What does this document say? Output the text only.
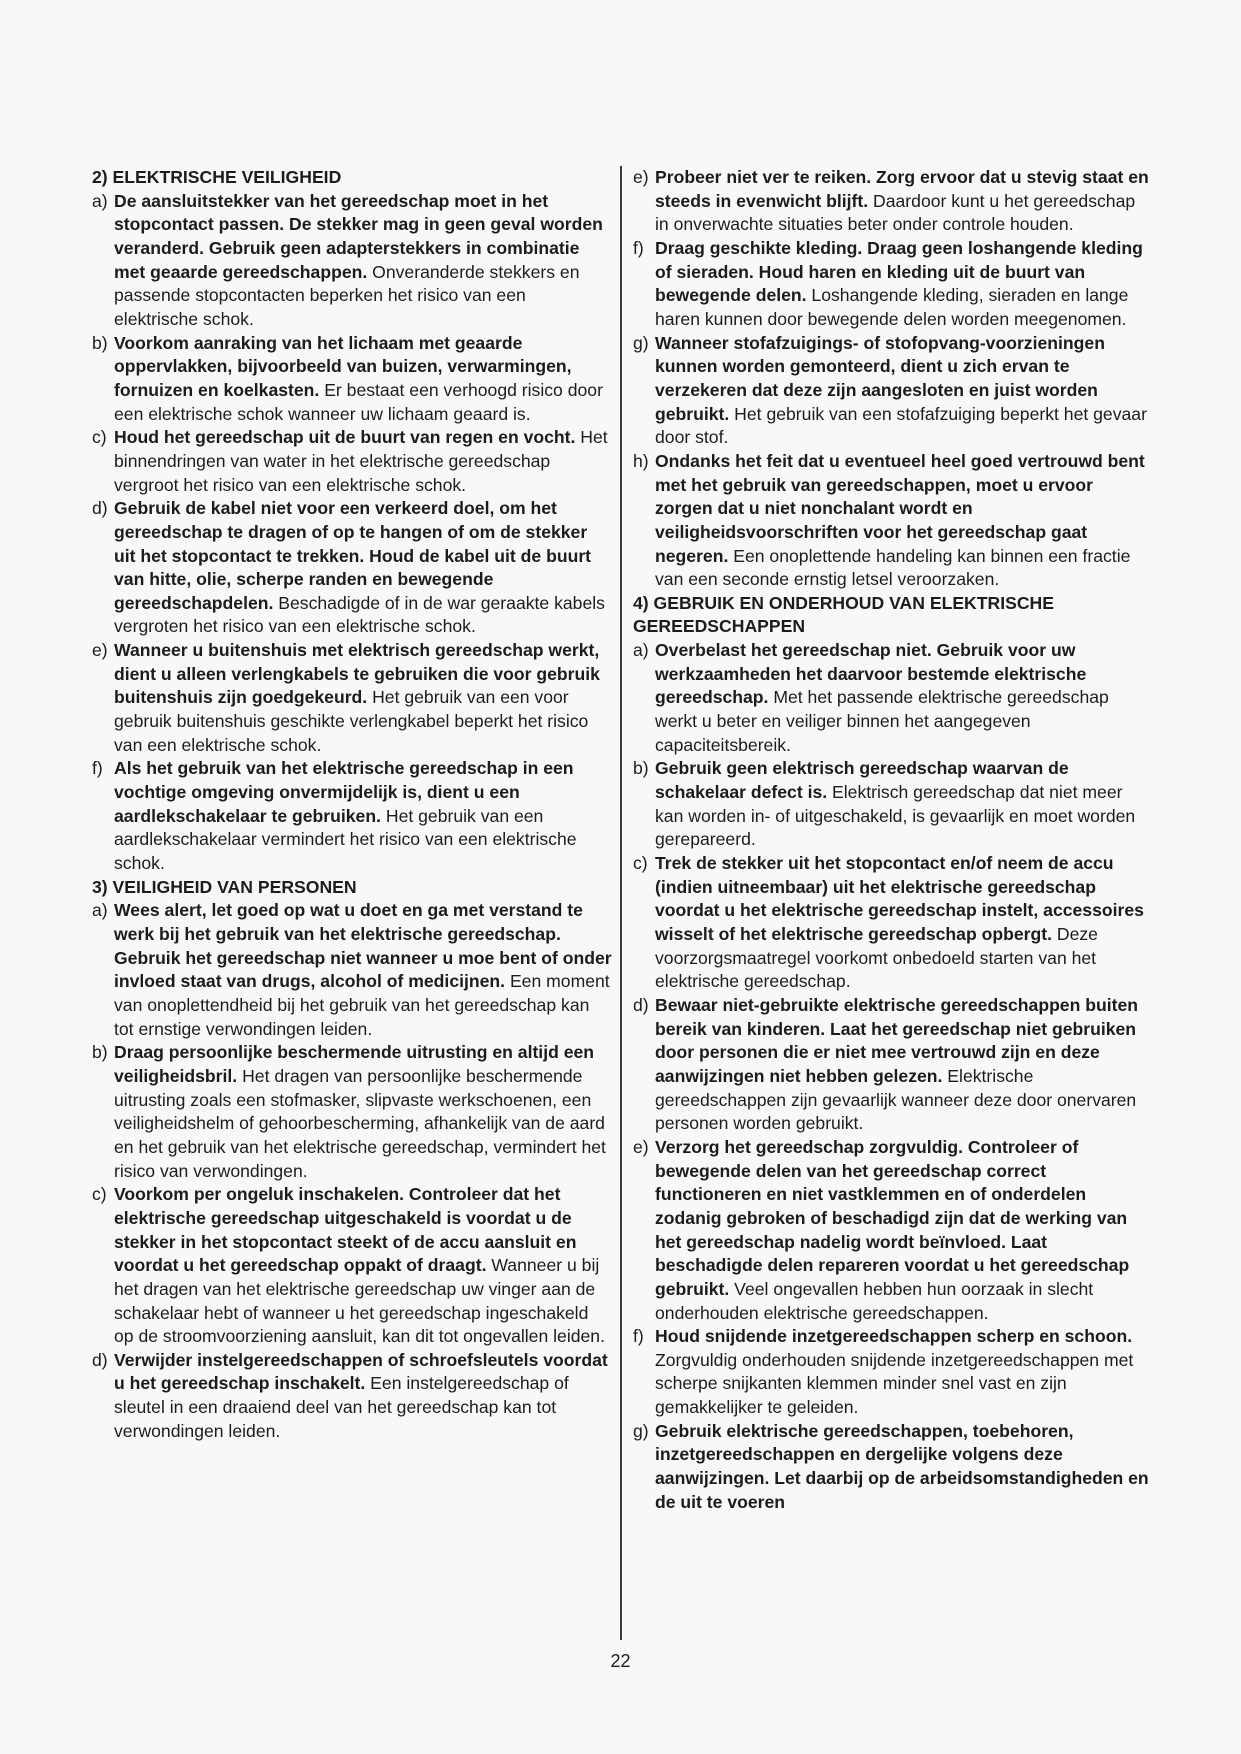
2) ELEKTRISCHE VEILIGHEID

a) De aansluitstekker van het gereedschap moet in het stopcontact passen. De stekker mag in geen geval worden veranderd. Gebruik geen adapterstekkers in combinatie met geaarde gereedschappen. Onveranderde stekkers en passende stopcontacten beperken het risico van een elektrische schok.

b) Voorkom aanraking van het lichaam met geaarde oppervlakken, bijvoorbeeld van buizen, verwarmingen, fornuizen en koelkasten. Er bestaat een verhoogd risico door een elektrische schok wanneer uw lichaam geaard is.

c) Houd het gereedschap uit de buurt van regen en vocht. Het binnendringen van water in het elektrische gereedschap vergroot het risico van een elektrische schok.

d) Gebruik de kabel niet voor een verkeerd doel, om het gereedschap te dragen of op te hangen of om de stekker uit het stopcontact te trekken. Houd de kabel uit de buurt van hitte, olie, scherpe randen en bewegende gereedschapdelen. Beschadigde of in de war geraakte kabels vergroten het risico van een elektrische schok.

e) Wanneer u buitenshuis met elektrisch gereedschap werkt, dient u alleen verlengkabels te gebruiken die voor gebruik buitenshuis zijn goedgekeurd. Het gebruik van een voor gebruik buitenshuis geschikte verlengkabel beperkt het risico van een elektrische schok.

f) Als het gebruik van het elektrische gereedschap in een vochtige omgeving onvermijdelijk is, dient u een aardlekschakelaar te gebruiken. Het gebruik van een aardlekschakelaar vermindert het risico van een elektrische schok.

3) VEILIGHEID VAN PERSONEN

a) Wees alert, let goed op wat u doet en ga met verstand te werk bij het gebruik van het elektrische gereedschap. Gebruik het gereedschap niet wanneer u moe bent of onder invloed staat van drugs, alcohol of medicijnen. Een moment van onoplettendheid bij het gebruik van het gereedschap kan tot ernstige verwondingen leiden.

b) Draag persoonlijke beschermende uitrusting en altijd een veiligheidsbril. Het dragen van persoonlijke beschermende uitrusting zoals een stofmasker, slipvaste werkschoenen, een veiligheidshelm of gehoorbescherming, afhankelijk van de aard en het gebruik van het elektrische gereedschap, vermindert het risico van verwondingen.

c) Voorkom per ongeluk inschakelen. Controleer dat het elektrische gereedschap uitgeschakeld is voordat u de stekker in het stopcontact steekt of de accu aansluit en voordat u het gereedschap oppakt of draagt. Wanneer u bij het dragen van het elektrische gereedschap uw vinger aan de schakelaar hebt of wanneer u het gereedschap ingeschakeld op de stroomvoorziening aansluit, kan dit tot ongevallen leiden.

d) Verwijder instelgereedschappen of schroefsleutels voordat u het gereedschap inschakelt. Een instelgereedschap of sleutel in een draaiend deel van het gereedschap kan tot verwondingen leiden.

e) Probeer niet ver te reiken. Zorg ervoor dat u stevig staat en steeds in evenwicht blijft. Daardoor kunt u het gereedschap in onverwachte situaties beter onder controle houden.

f) Draag geschikte kleding. Draag geen loshangende kleding of sieraden. Houd haren en kleding uit de buurt van bewegende delen. Loshangende kleding, sieraden en lange haren kunnen door bewegende delen worden meegenomen.

g) Wanneer stofafzuigings- of stofopvang-voorzieningen kunnen worden gemonteerd, dient u zich ervan te verzekeren dat deze zijn aangesloten en juist worden gebruikt. Het gebruik van een stofafzuiging beperkt het gevaar door stof.

h) Ondanks het feit dat u eventueel heel goed vertrouwd bent met het gebruik van gereedschappen, moet u ervoor zorgen dat u niet nonchalant wordt en veiligheidsvoorschriften voor het gereedschap gaat negeren. Een onoplettende handeling kan binnen een fractie van een seconde ernstig letsel veroorzaken.

4) GEBRUIK EN ONDERHOUD VAN ELEKTRISCHE GEREEDSCHAPPEN

a) Overbelast het gereedschap niet. Gebruik voor uw werkzaamheden het daarvoor bestemde elektrische gereedschap. Met het passende elektrische gereedschap werkt u beter en veiliger binnen het aangegeven capaciteitsbereik.

b) Gebruik geen elektrisch gereedschap waarvan de schakelaar defect is. Elektrisch gereedschap dat niet meer kan worden in- of uitgeschakeld, is gevaarlijk en moet worden gerepareerd.

c) Trek de stekker uit het stopcontact en/of neem de accu (indien uitneembaar) uit het elektrische gereedschap voordat u het elektrische gereedschap instelt, accessoires wisselt of het elektrische gereedschap opbergt. Deze voorzorgsmaatregel voorkomt onbedoeld starten van het elektrische gereedschap.

d) Bewaar niet-gebruikte elektrische gereedschappen buiten bereik van kinderen. Laat het gereedschap niet gebruiken door personen die er niet mee vertrouwd zijn en deze aanwijzingen niet hebben gelezen. Elektrische gereedschappen zijn gevaarlijk wanneer deze door onervaren personen worden gebruikt.

e) Verzorg het gereedschap zorgvuldig. Controleer of bewegende delen van het gereedschap correct functioneren en niet vastklemmen en of onderdelen zodanig gebroken of beschadigd zijn dat de werking van het gereedschap nadelig wordt beïnvloed. Laat beschadigde delen repareren voordat u het gereedschap gebruikt. Veel ongevallen hebben hun oorzaak in slecht onderhouden elektrische gereedschappen.

f) Houd snijdende inzetgereedschappen scherp en schoon. Zorgvuldig onderhouden snijdende inzetgereedschappen met scherpe snijkanten klemmen minder snel vast en zijn gemakkelijker te geleiden.

g) Gebruik elektrische gereedschappen, toebehoren, inzetgereedschappen en dergelijke volgens deze aanwijzingen. Let daarbij op de arbeidsomstandigheden en de uit te voeren

22
